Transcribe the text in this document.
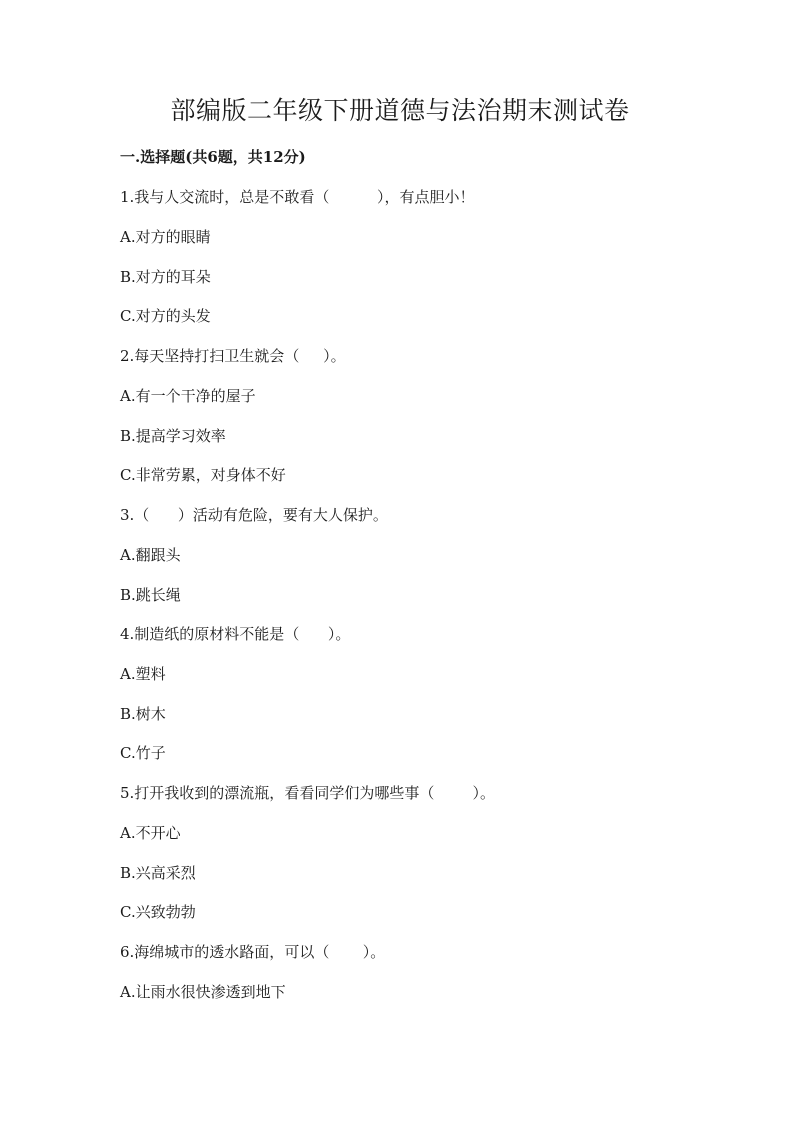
部编版二年级下册道德与法治期末测试卷
一.选择题(共6题，共12分)
1.我与人交流时，总是不敢看（          ），有点胆小！
A.对方的眼睛
B.对方的耳朵
C.对方的头发
2.每天坚持打扫卫生就会（     ）。
A.有一个干净的屋子
B.提高学习效率
C.非常劳累，对身体不好
3.（      ）活动有危险，要有大人保护。
A.翻跟头
B.跳长绳
4.制造纸的原材料不能是（      ）。
A.塑料
B.树木
C.竹子
5.打开我收到的漂流瓶，看看同学们为哪些事（        ）。
A.不开心
B.兴高采烈
C.兴致勃勃
6.海绵城市的透水路面，可以（       ）。
A.让雨水很快渗透到地下
